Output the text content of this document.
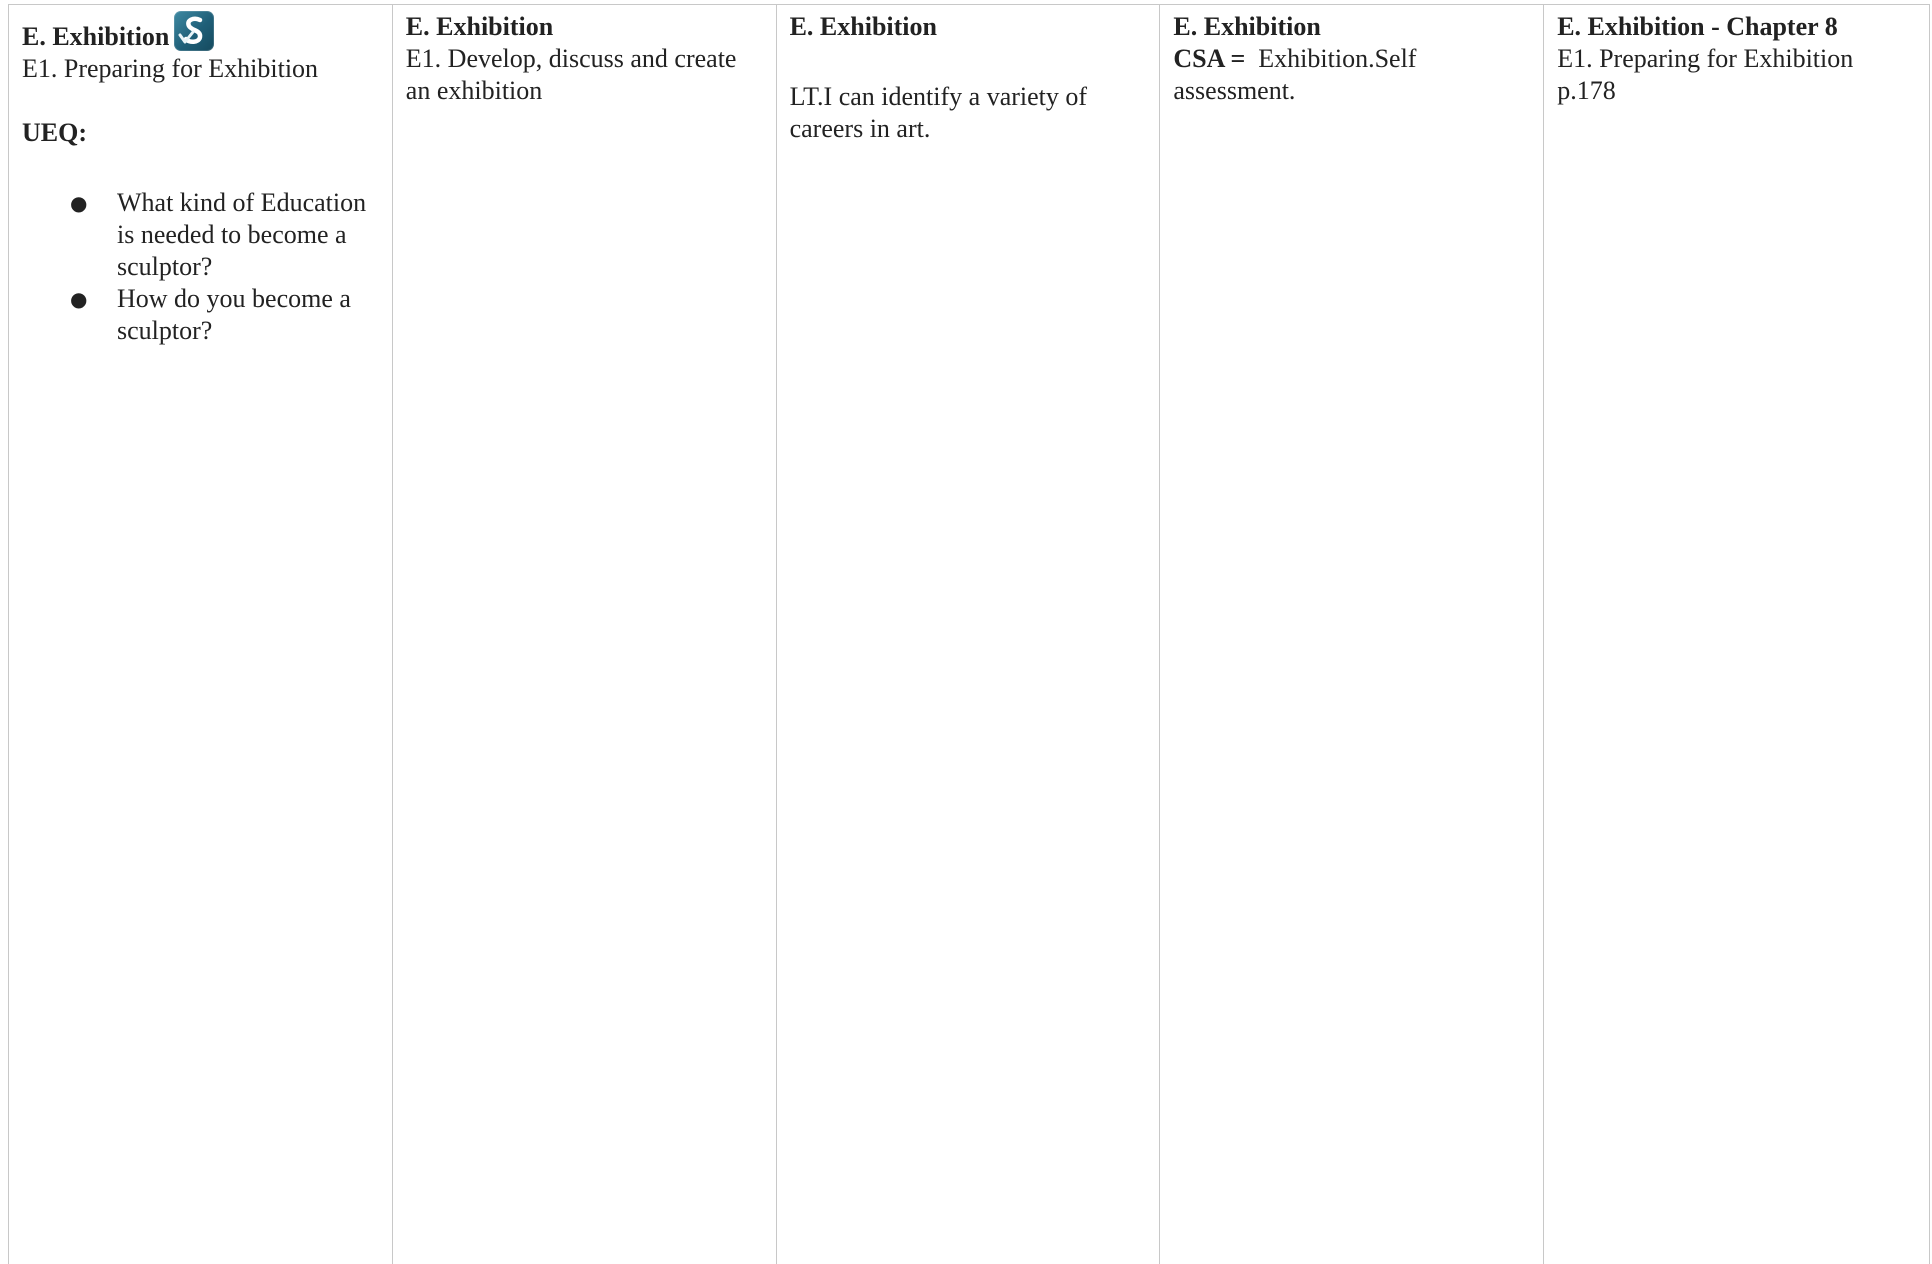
E. Exhibition

E1. Preparing for Exhibition

UEQ:

● What kind of Education is needed to become a sculptor?
● How do you become a sculptor?

E. Exhibition

E1. Develop, discuss and create an exhibition

E. Exhibition

LT.I can identify a variety of careers in art.

E. Exhibition

CSA = Exhibition.Self assessment.

E. Exhibition - Chapter 8

E1. Preparing for Exhibition p.178
